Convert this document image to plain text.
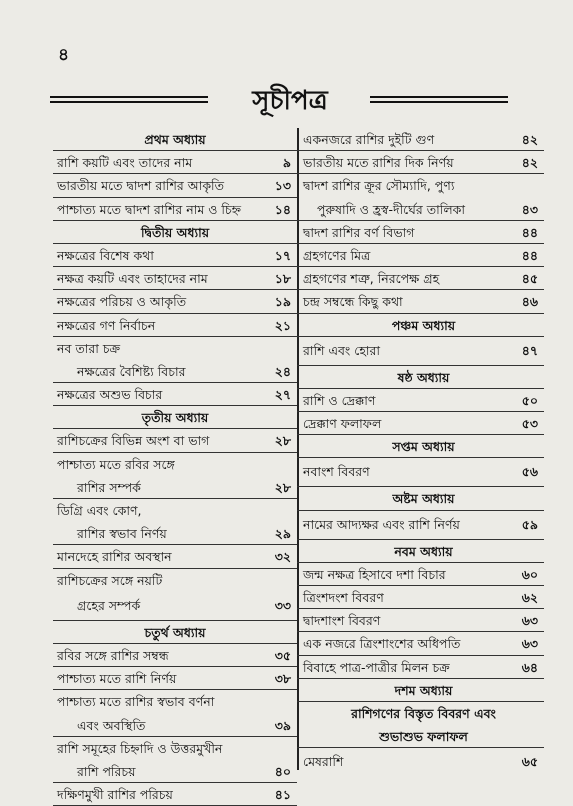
৪
সূচীপত্র
প্রথম অধ্যায়
রাশি কয়টি এবং তাদের নাম	৯
ভারতীয় মতে দ্বাদশ রাশির আকৃতি	১৩
পাশ্চাত্য মতে দ্বাদশ রাশির নাম ও চিহ্ন	১৪
দ্বিতীয় অধ্যায়
নক্ষত্রের বিশেষ কথা	১৭
নক্ষত্র কয়টি এবং তাহাদের নাম	১৮
নক্ষত্রের পরিচয় ও আকৃতি	১৯
নক্ষত্রের গণ নির্বাচন	২১
নব তারা চক্র
নক্ষত্রের বৈশিষ্ট্য বিচার	২৪
নক্ষত্রের অশুভ বিচার	২৭
তৃতীয় অধ্যায়
রাশিচক্রের বিভিন্ন অংশ বা ভাগ	২৮
পাশ্চাত্য মতে রবির সঙ্গে
রাশির সম্পর্ক	২৮
ডিগ্রি এবং কোণ,
রাশির স্বভাব নির্ণয়	২৯
মানদেহে রাশির অবস্থান	৩২
রাশিচক্রের সঙ্গে নয়টি
গ্রহের সম্পর্ক	৩৩
চতুর্থ অধ্যায়
রবির সঙ্গে রাশির সম্বন্ধ	৩৫
পাশ্চাত্য মতে রাশি নির্ণয়	৩৮
পাশ্চাত্য মতে রাশির স্বভাব বর্ণনা
এবং অবস্থিতি	৩৯
রাশি সমূহের চিহ্নাদি ও উত্তরমুখীন
রাশি পরিচয়	৪০
দক্ষিণমুখী রাশির পরিচয়	৪১
একনজরে রাশির দুইটি গুণ	৪২
ভারতীয় মতে রাশির দিক নির্ণয়	৪২
দ্বাদশ রাশির ক্রূর সৌম্যাদি, পুণ্য
পুরুষাদি ও হ্রস্ব-দীর্ঘের তালিকা	৪৩
দ্বাদশ রাশির বর্ণ বিভাগ	৪৪
গ্রহগণের মিত্র	৪৪
গ্রহগণের শত্রু, নিরপেক্ষ গ্রহ	৪৫
চন্দ্র সম্বন্ধে কিছু কথা	৪৬
পঞ্চম অধ্যায়
রাশি এবং হোরা	৪৭
ষষ্ঠ অধ্যায়
রাশি ও দ্রেক্কাণ	৫০
দ্রেক্কাণ ফলাফল	৫৩
সপ্তম অধ্যায়
নবাংশ বিবরণ	৫৬
অষ্টম অধ্যায়
নামের আদ্যক্ষর এবং রাশি নির্ণয়	৫৯
নবম অধ্যায়
জন্ম নক্ষত্র হিসাবে দশা বিচার	৬০
ত্রিংশদংশ বিবরণ	৬২
দ্বাদশাংশ বিবরণ	৬৩
এক নজরে ত্রিংশাংশের অধিপতি	৬৩
বিবাহে পাত্র-পাত্রীর মিলন চক্র	৬৪
দশম অধ্যায়
রাশিগণের বিস্তৃত বিবরণ এবং
শুভাশুভ ফলাফল
মেষরাশি	৬৫
